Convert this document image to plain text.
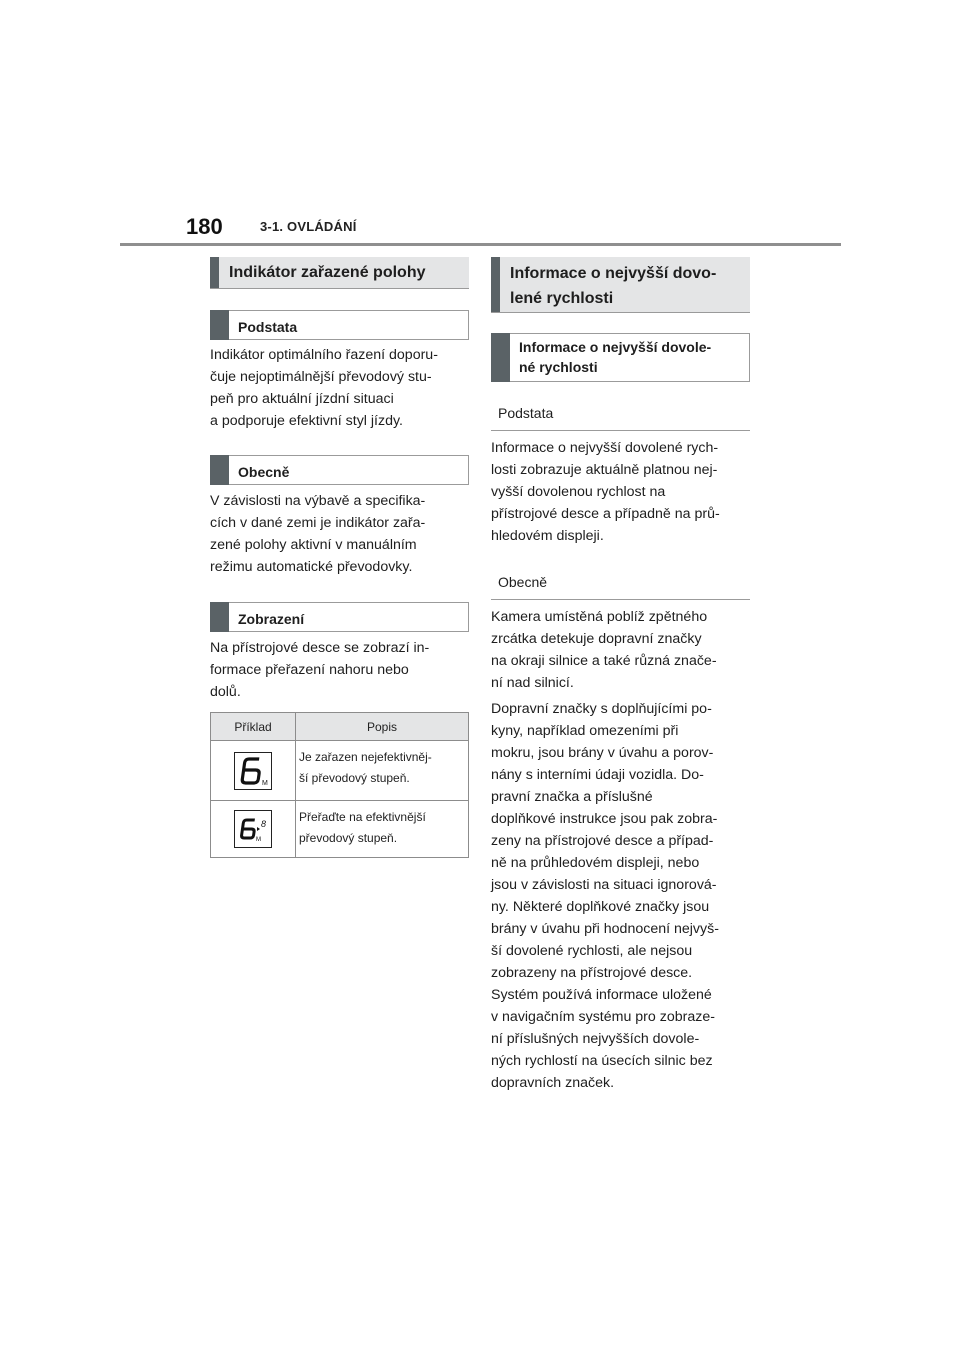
180	3-1. OVLÁDÁNÍ
Indikátor zařazené polohy
Podstata
Indikátor optimálního řazení doporu-
čuje nejoptimálnější převodový stu-
peň pro aktuální jízdní situaci
a podporuje efektivní styl jízdy.
Obecně
V závislosti na výbavě a specifika-
cích v dané zemi je indikátor zařa-
zené polohy aktivní v manuálním
režimu automatické převodovky.
Zobrazení
Na přístrojové desce se zobrazí in-
formace přeřazení nahoru nebo
dolů.
Příklad	Popis

M	Je zařazen nejefektivněj-
ší převodový stupeň.

8
M	Přeřaďte na efektivnější
převodový stupeň.
Informace o nejvyšší dovo-
lené rychlosti
Informace o nejvyšší dovole-
né rychlosti
Podstata
Informace o nejvyšší dovolené rych-
losti zobrazuje aktuálně platnou nej-
vyšší dovolenou rychlost na
přístrojové desce a případně na prů-
hledovém displeji.
Obecně
Kamera umístěná poblíž zpětného
zrcátka detekuje dopravní značky
na okraji silnice a také různá znače-
ní nad silnicí.
Dopravní značky s doplňujícími po-
kyny, například omezeními při
mokru, jsou brány v úvahu a porov-
nány s interními údaji vozidla. Do-
pravní značka a příslušné
doplňkové instrukce jsou pak zobra-
zeny na přístrojové desce a případ-
ně na průhledovém displeji, nebo
jsou v závislosti na situaci ignorová-
ny. Některé doplňkové značky jsou
brány v úvahu při hodnocení nejvyš-
ší dovolené rychlosti, ale nejsou
zobrazeny na přístrojové desce.
Systém používá informace uložené
v navigačním systému pro zobraze-
ní příslušných nejvyšších dovole-
ných rychlostí na úsecích silnic bez
dopravních značek.
